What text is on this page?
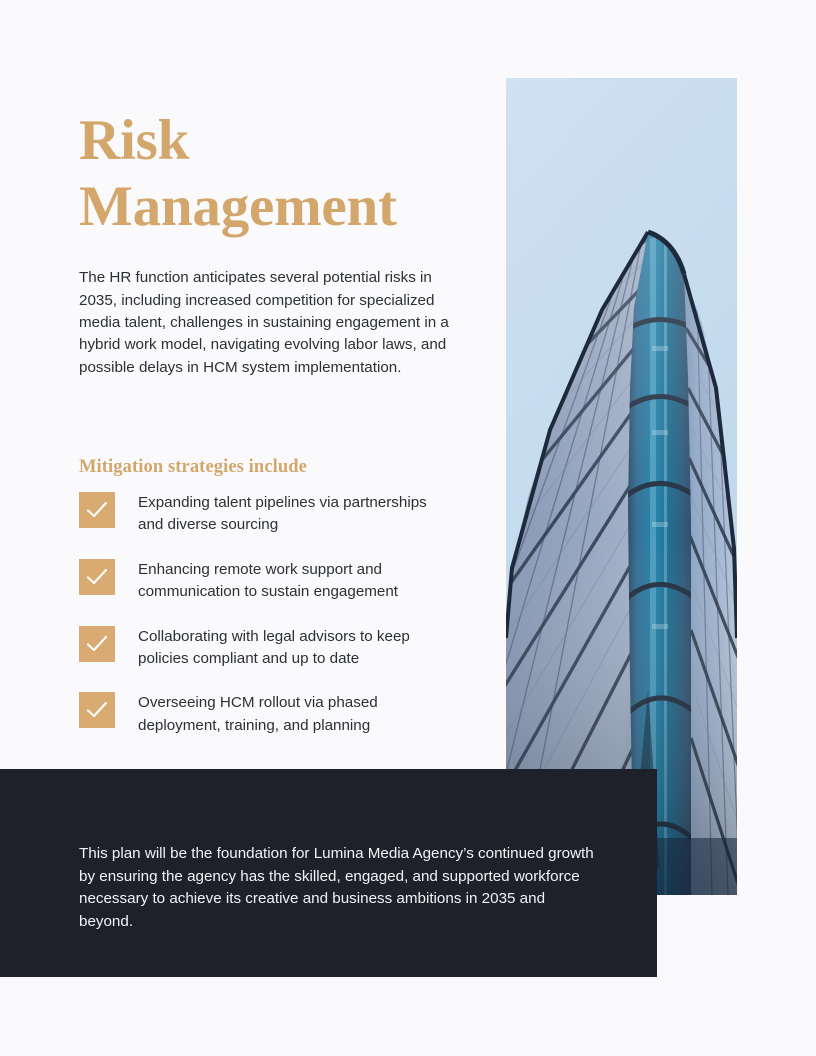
Risk
Management

The HR function anticipates several potential risks in 2035, including increased competition for specialized media talent, challenges in sustaining engagement in a hybrid work model, navigating evolving labor laws, and possible delays in HCM system implementation.

Mitigation strategies include
Expanding talent pipelines via partnerships and diverse sourcing
Enhancing remote work support and communication to sustain engagement
Collaborating with legal advisors to keep policies compliant and up to date
Overseeing HCM rollout via phased deployment, training, and planning

This plan will be the foundation for Lumina Media Agency’s continued growth by ensuring the agency has the skilled, engaged, and supported workforce necessary to achieve its creative and business ambitions in 2035 and beyond.
